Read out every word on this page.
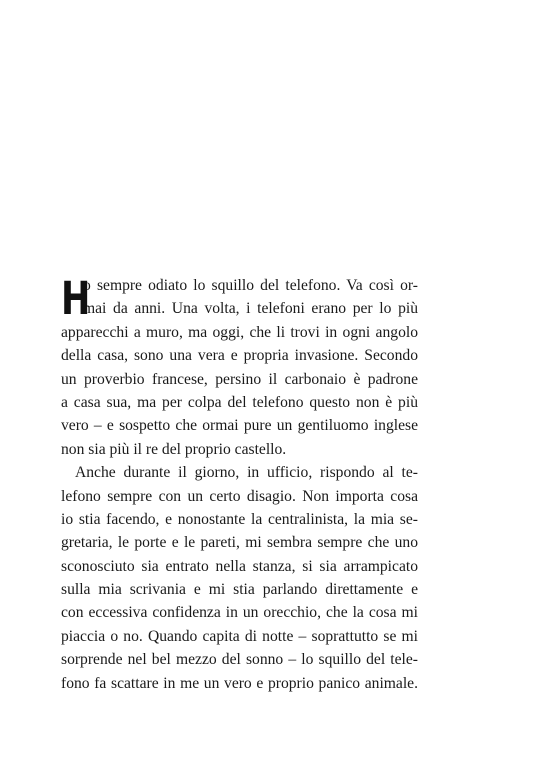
H
o sempre odiato lo squillo del telefono. Va così or-
mai da anni. Una volta, i telefoni erano per lo più
apparecchi a muro, ma oggi, che li trovi in ogni angolo
della casa, sono una vera e propria invasione. Secondo
un proverbio francese, persino il carbonaio è padrone
a casa sua, ma per colpa del telefono questo non è più
vero – e sospetto che ormai pure un gentiluomo inglese
non sia più il re del proprio castello.
Anche durante il giorno, in ufficio, rispondo al te-
lefono sempre con un certo disagio. Non importa cosa
io stia facendo, e nonostante la centralinista, la mia se-
gretaria, le porte e le pareti, mi sembra sempre che uno
sconosciuto sia entrato nella stanza, si sia arrampicato
sulla mia scrivania e mi stia parlando direttamente e
con eccessiva confidenza in un orecchio, che la cosa mi
piaccia o no. Quando capita di notte – soprattutto se mi
sorprende nel bel mezzo del sonno – lo squillo del tele-
fono fa scattare in me un vero e proprio panico animale.
